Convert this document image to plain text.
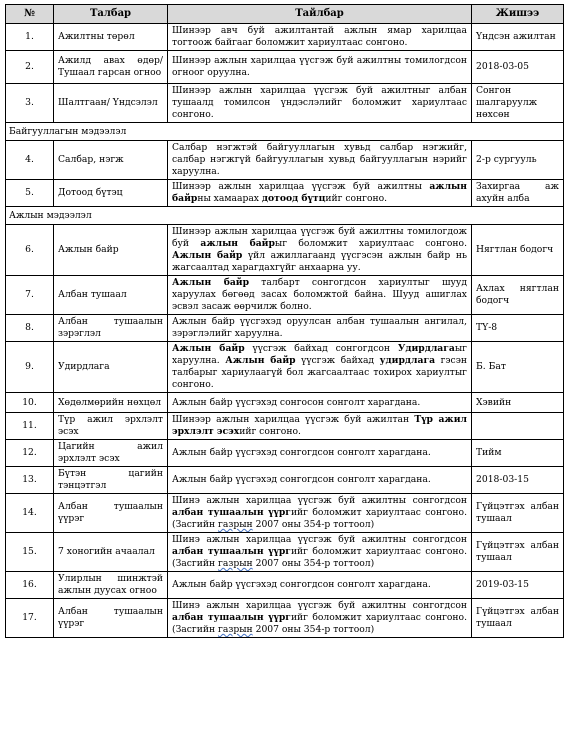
№	Талбар	Тайлбар	Жишээ
1.	Ажилтны төрөл	Шинээр авч буй ажилтантай ажлын ямар харилцаа тогтоож байгааг боломжит хариултаас сонгоно.	Үндсэн ажилтан
2.	Ажилд авах өдөр/ Тушаал гарсан огноо	Шинээр ажлын харилцаа үүсгэж буй ажилтны томилогдсон огноог оруулна.	2018-03-05
3.	Шалтгаан/ Үндсэлэл	Шинээр ажлын харилцаа үүсгэж буй ажилтныг албан тушаалд томилсон үндэслэлийг боломжит хариултаас сонгоно.	Сонгон шалгаруулж нөхсөн
Байгууллагын мэдээлэл			
4.	Салбар, нэгж	Салбар нэгжтэй байгууллагын хувьд салбар нэгжийг, салбар нэгжгүй байгууллагын хувьд байгууллагын нэрийг харуулна.	2-р сургууль
5.	Дотоод бүтэц	Шинээр ажлын харилцаа үүсгэж буй ажилтны ажлын байрны хамаарах дотоод бүтцийг сонгоно.	Захиргаа аж ахуйн алба
Ажлын мэдээлэл			
6.	Ажлын байр	Шинээр ажлын харилцаа үүсгэж буй ажилтны томилогдож буй ажлын байрыг боломжит хариултаас сонгоно. Ажлын байр үйл ажиллагаанд үүсгэсэн ажлын байр нь жагсаалтад харагдахгүйг анхаарна уу.	Нягтлан бодогч
7.	Албан тушаал	Ажлын байр талбарт сонгогдсон хариултыг шууд харуулах бөгөөд засах боломжтой байна. Шууд ашиглах эсвэл засаж өөрчилж болно.	Ахлах нягтлан бодогч
8.	Албан тушаалын зэрэглэл	Ажлын байр үүсгэхэд оруулсан албан тушаалын ангилал, зэрэглэлийг харуулна.	ТҮ-8
9.	Удирдлага	Ажлын байр үүсгэж байхад сонгогдсон Удирдлагаыг харуулна. Ажлын байр үүсгэж байхад удирдлага гэсэн талбарыг хариулаагүй бол жагсаалтаас тохирох хариултыг сонгоно.	Б. Бат
10.	Хөдөлмөрийн нөхцөл	Ажлын байр үүсгэхэд сонгосон сонголт харагдана.	Хэвийн
11.	Түр ажил эрхлэлт эсэх	Шинээр ажлын харилцаа үүсгэж буй ажилтан Түр ажил эрхлэлт эсэхийг сонгоно.	
12.	Цагийн ажил эрхлэлт эсэх	Ажлын байр үүсгэхэд сонгогдсон сонголт харагдана.	Тийм
13.	Бүтэн цагийн тэнцэтгэл	Ажлын байр үүсгэхэд сонгогдсон сонголт харагдана.	2018-03-15
14.	Албан тушаалын үүрэг	Шинэ ажлын харилцаа үүсгэж буй ажилтны сонгогдсон албан тушаалын үүргийг боломжит хариултаас сонгоно. (Засгийн газрын 2007 оны 354-р тогтоол)	Гүйцэтгэх албан тушаал
15.	7 хоногийн ачаалал	Шинэ ажлын харилцаа үүсгэж буй ажилтны сонгогдсон албан тушаалын үүргийг боломжит хариултаас сонгоно. (Засгийн газрын 2007 оны 354-р тогтоол)	Гүйцэтгэх албан тушаал
16.	Улирлын шинжтэй ажлын дуусах огноо	Ажлын байр үүсгэхэд сонгогдсон сонголт харагдана.	2019-03-15
17.	Албан тушаалын үүрэг	Шинэ ажлын харилцаа үүсгэж буй ажилтны сонгогдсон албан тушаалын үүргийг боломжит хариултаас сонгоно. (Засгийн газрын 2007 оны 354-р тогтоол)	Гүйцэтгэх албан тушаал
